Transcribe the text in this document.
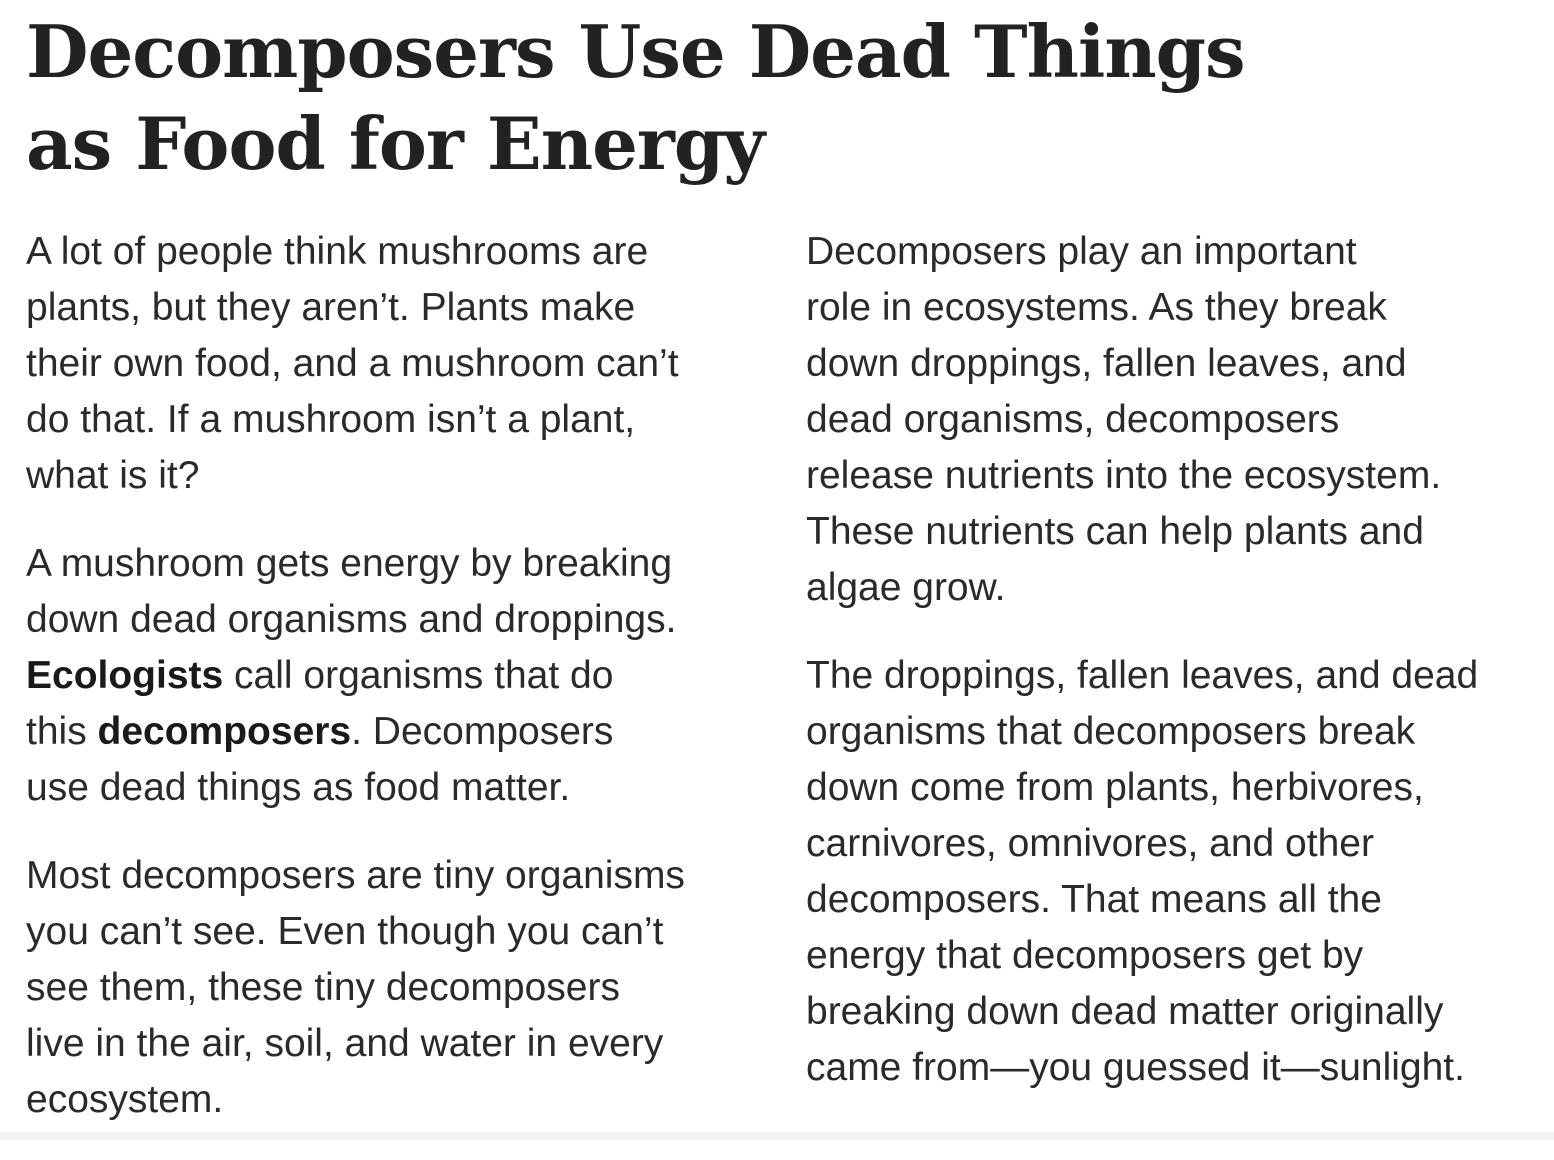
Decomposers Use Dead Things
as Food for Energy

A lot of people think mushrooms are
plants, but they aren’t. Plants make
their own food, and a mushroom can’t
do that. If a mushroom isn’t a plant,
what is it?

A mushroom gets energy by breaking
down dead organisms and droppings.
Ecologists call organisms that do
this decomposers. Decomposers
use dead things as food matter.

Most decomposers are tiny organisms
you can’t see. Even though you can’t
see them, these tiny decomposers
live in the air, soil, and water in every
ecosystem.

Decomposers play an important
role in ecosystems. As they break
down droppings, fallen leaves, and
dead organisms, decomposers
release nutrients into the ecosystem.
These nutrients can help plants and
algae grow.

The droppings, fallen leaves, and dead
organisms that decomposers break
down come from plants, herbivores,
carnivores, omnivores, and other
decomposers. That means all the
energy that decomposers get by
breaking down dead matter originally
came from—you guessed it—sunlight.
